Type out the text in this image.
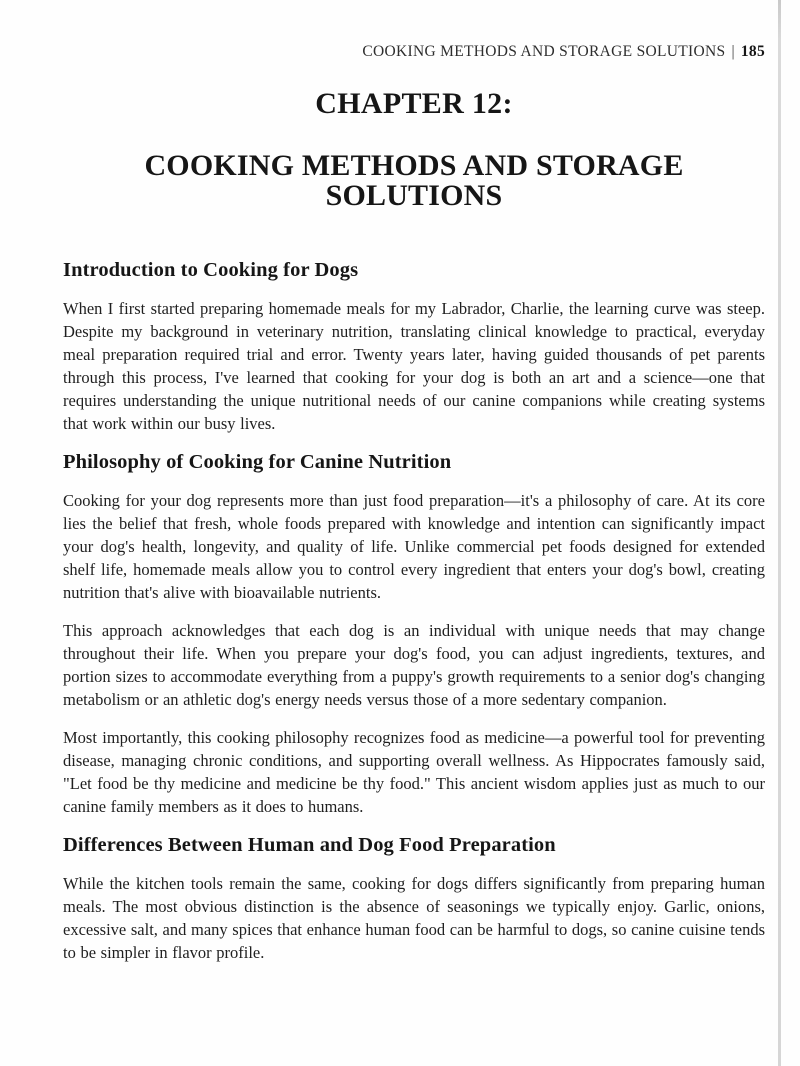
COOKING METHODS AND STORAGE SOLUTIONS | 185
CHAPTER 12:
COOKING METHODS AND STORAGE SOLUTIONS
Introduction to Cooking for Dogs

When I first started preparing homemade meals for my Labrador, Charlie, the learning curve was steep. Despite my background in veterinary nutrition, translating clinical knowledge to practical, everyday meal preparation required trial and error. Twenty years later, having guided thousands of pet parents through this process, I've learned that cooking for your dog is both an art and a science—one that requires understanding the unique nutritional needs of our canine companions while creating systems that work within our busy lives.

Philosophy of Cooking for Canine Nutrition

Cooking for your dog represents more than just food preparation—it's a philosophy of care. At its core lies the belief that fresh, whole foods prepared with knowledge and intention can significantly impact your dog's health, longevity, and quality of life. Unlike commercial pet foods designed for extended shelf life, homemade meals allow you to control every ingredient that enters your dog's bowl, creating nutrition that's alive with bioavailable nutrients.

This approach acknowledges that each dog is an individual with unique needs that may change throughout their life. When you prepare your dog's food, you can adjust ingredients, textures, and portion sizes to accommodate everything from a puppy's growth requirements to a senior dog's changing metabolism or an athletic dog's energy needs versus those of a more sedentary companion.

Most importantly, this cooking philosophy recognizes food as medicine—a powerful tool for preventing disease, managing chronic conditions, and supporting overall wellness. As Hippocrates famously said, "Let food be thy medicine and medicine be thy food." This ancient wisdom applies just as much to our canine family members as it does to humans.

Differences Between Human and Dog Food Preparation

While the kitchen tools remain the same, cooking for dogs differs significantly from preparing human meals. The most obvious distinction is the absence of seasonings we typically enjoy. Garlic, onions, excessive salt, and many spices that enhance human food can be harmful to dogs, so canine cuisine tends to be simpler in flavor profile.
